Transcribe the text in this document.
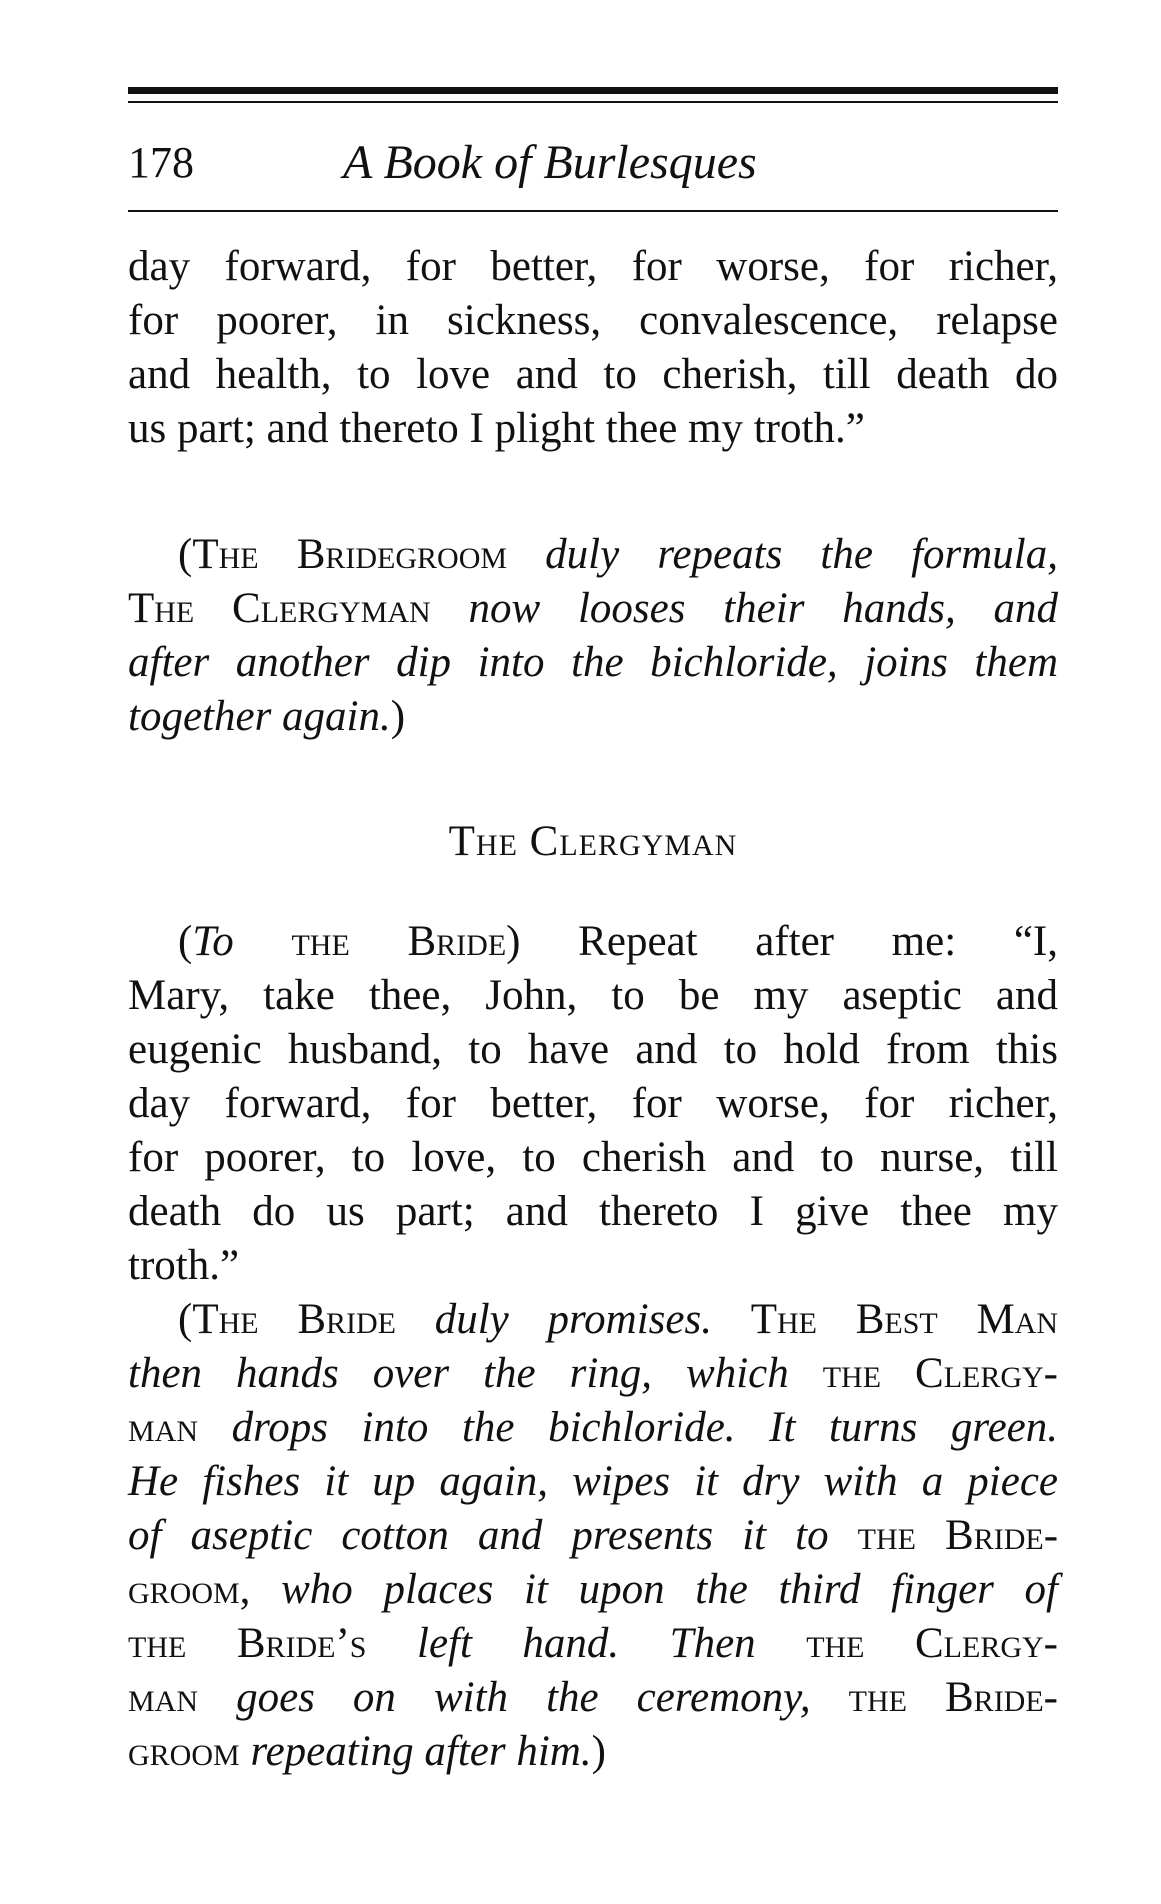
178	A Book of Burlesques
day forward, for better, for worse, for richer,
for poorer, in sickness, convalescence, relapse
and health, to love and to cherish, till death do
us part; and thereto I plight thee my troth.”
(The Bridegroom duly repeats the formula,
The Clergyman now looses their hands, and
after another dip into the bichloride, joins them
together again.)
The Clergyman
(To the Bride) Repeat after me: “I,
Mary, take thee, John, to be my aseptic and
eugenic husband, to have and to hold from this
day forward, for better, for worse, for richer,
for poorer, to love, to cherish and to nurse, till
death do us part; and thereto I give thee my
troth.”
(The Bride duly promises. The Best Man
then hands over the ring, which the Clergy-
man drops into the bichloride. It turns green.
He fishes it up again, wipes it dry with a piece
of aseptic cotton and presents it to the Bride-
groom, who places it upon the third finger of
the Bride’s left hand. Then the Clergy-
man goes on with the ceremony, the Bride-
groom repeating after him.)
